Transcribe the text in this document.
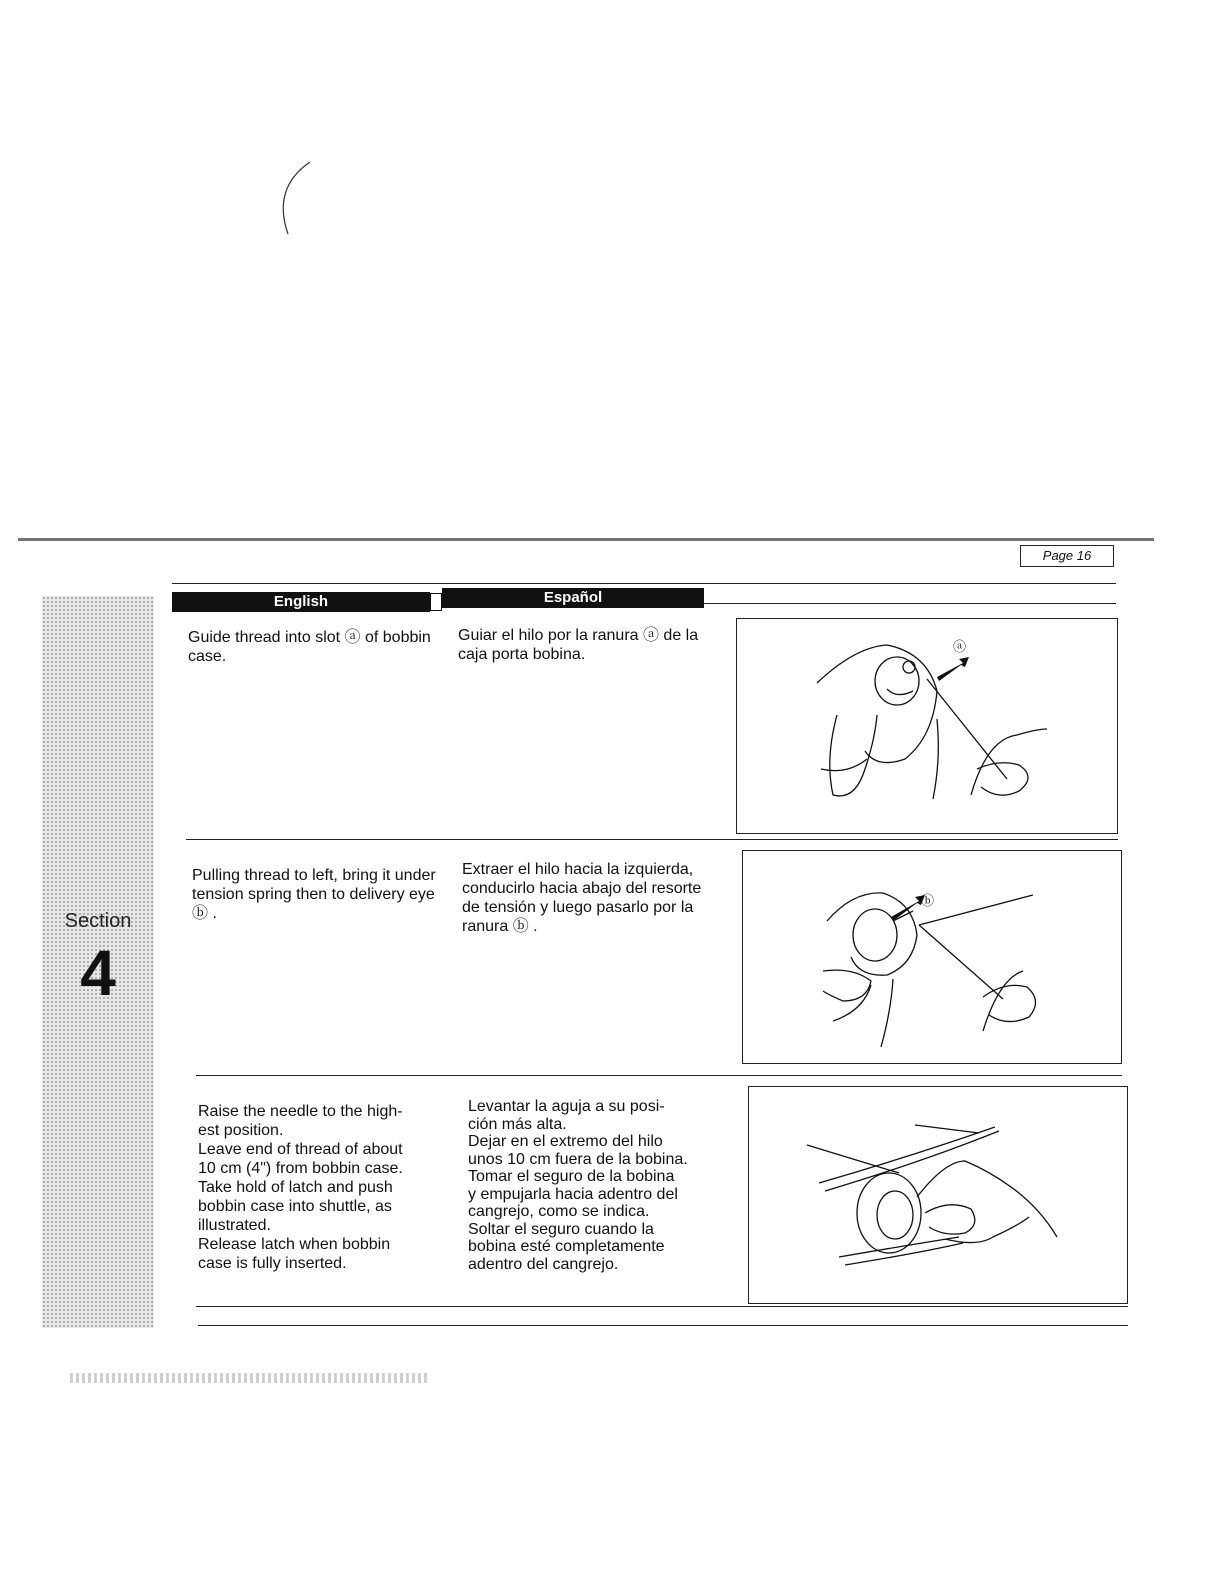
Page 16
Section
4
English	Español
Guide thread into slot ⓐ of bobbin case.
Guiar el hilo por la ranura ⓐ de la caja porta bobina.	ⓐ
Pulling thread to left, bring it under tension spring then to delivery eye ⓑ .
Extraer el hilo hacia la izquierda, conducirlo hacia abajo del resorte de tensión y luego pasarlo por la ranura ⓑ .
ⓑ
Raise the needle to the high-
est position.
Leave end of thread of about
10 cm (4") from bobbin case.
Take hold of latch and push
bobbin case into shuttle, as
illustrated.
Release latch when bobbin
case is fully inserted.
Levantar la aguja a su posi-
ción más alta.
Dejar en el extremo del hilo
unos 10 cm fuera de la bobina.
Tomar el seguro de la bobina
y empujarla hacia adentro del
cangrejo, como se indica.
Soltar el seguro cuando la
bobina esté completamente
adentro del cangrejo.
